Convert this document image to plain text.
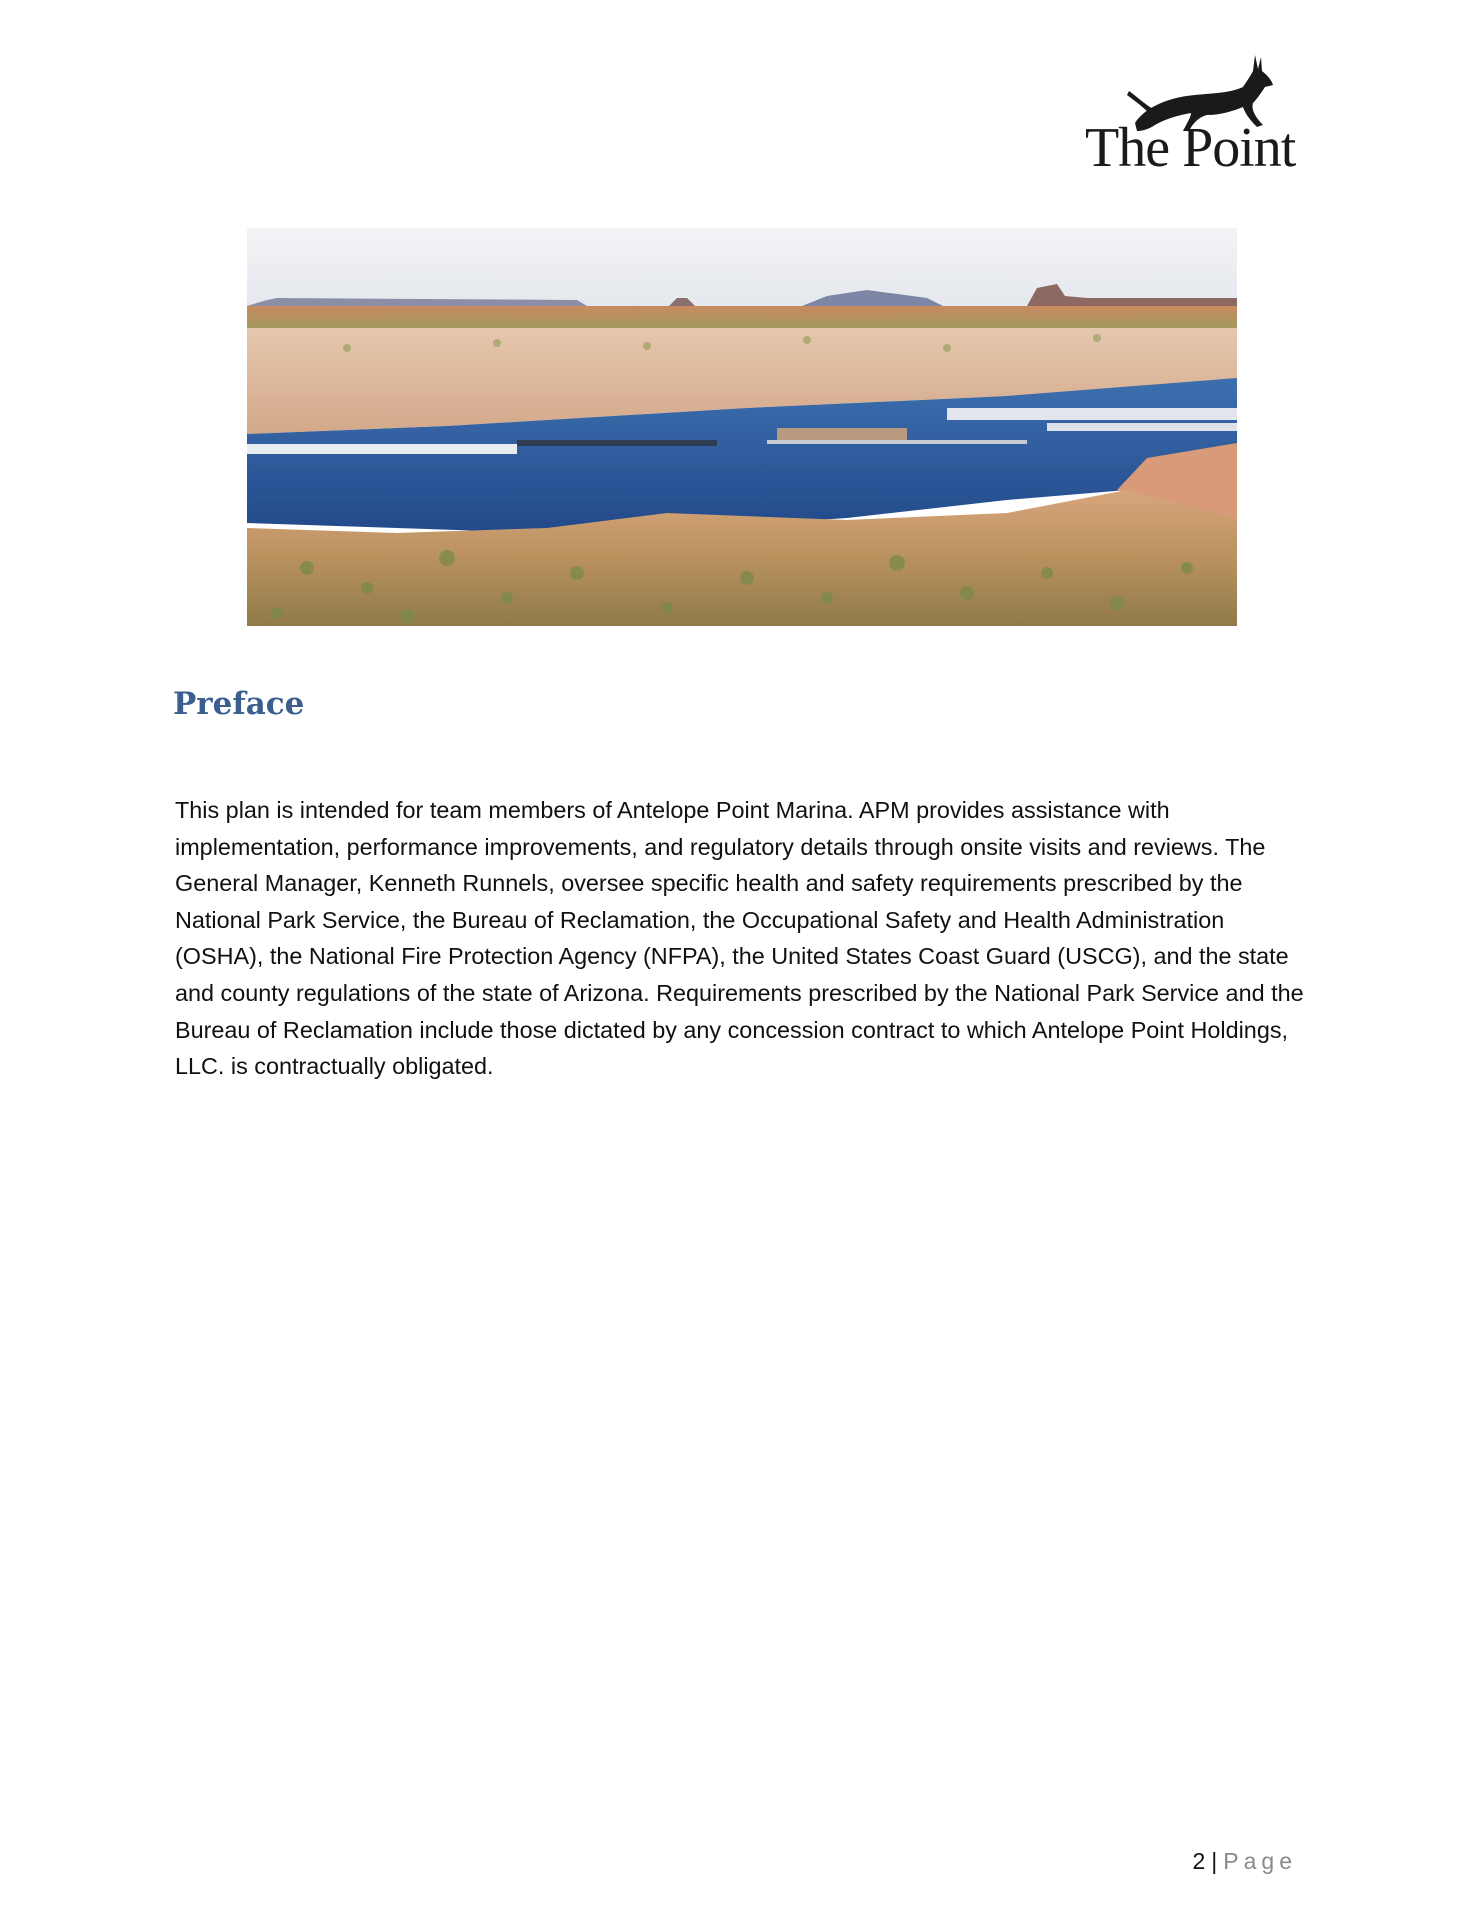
The Point
Preface
This plan is intended for team members of Antelope Point Marina. APM provides assistance with implementation, performance improvements, and regulatory details through onsite visits and reviews. The General Manager, Kenneth Runnels, oversee specific health and safety requirements prescribed by the National Park Service, the Bureau of Reclamation, the Occupational Safety and Health Administration (OSHA), the National Fire Protection Agency (NFPA), the United States Coast Guard (USCG), and the state and county regulations of the state of Arizona. Requirements prescribed by the National Park Service and the Bureau of Reclamation include those dictated by any concession contract to which Antelope Point Holdings, LLC. is contractually obligated.
2 | Page
